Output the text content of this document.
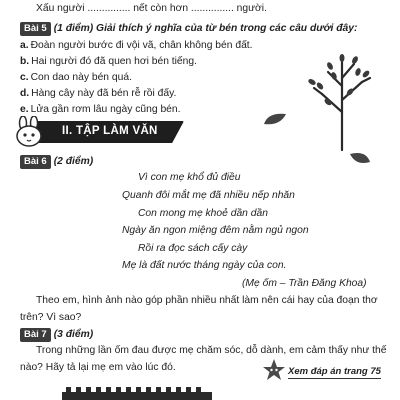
Xấu người ............... nết còn hơn ............... người.
Bài 5 (1 điểm) Giải thích ý nghĩa của từ bén trong các câu dưới đây:
a. Đoàn người bước đi vội vã, chân không bén đất.
b. Hai người đó đã quen hơi bén tiếng.
c. Con dao này bén quá.
d. Hàng cây này đã bén rễ rồi đấy.
e. Lửa gần rơm lâu ngày cũng bén.
II. TẬP LÀM VĂN
Bài 6 (2 điểm)
Vì con mẹ khổ đủ điều
Quanh đôi mắt mẹ đã nhiều nếp nhăn
Con mong mẹ khoẻ dần dần
Ngày ăn ngon miệng đêm nằm ngủ ngon
Rồi ra đọc sách cấy cày
Mẹ là đất nước tháng ngày của con.
(Mẹ ốm – Trần Đăng Khoa)
Theo em, hình ảnh nào góp phần nhiều nhất làm nên cái hay của đoạn thơ
trên? Vì sao?
Bài 7 (3 điểm)
Trong những lần ốm đau được mẹ chăm sóc, dỗ dành, em cảm thấy như thế
nào? Hãy tả lại mẹ em vào lúc đó.	Xem đáp án trang 75
